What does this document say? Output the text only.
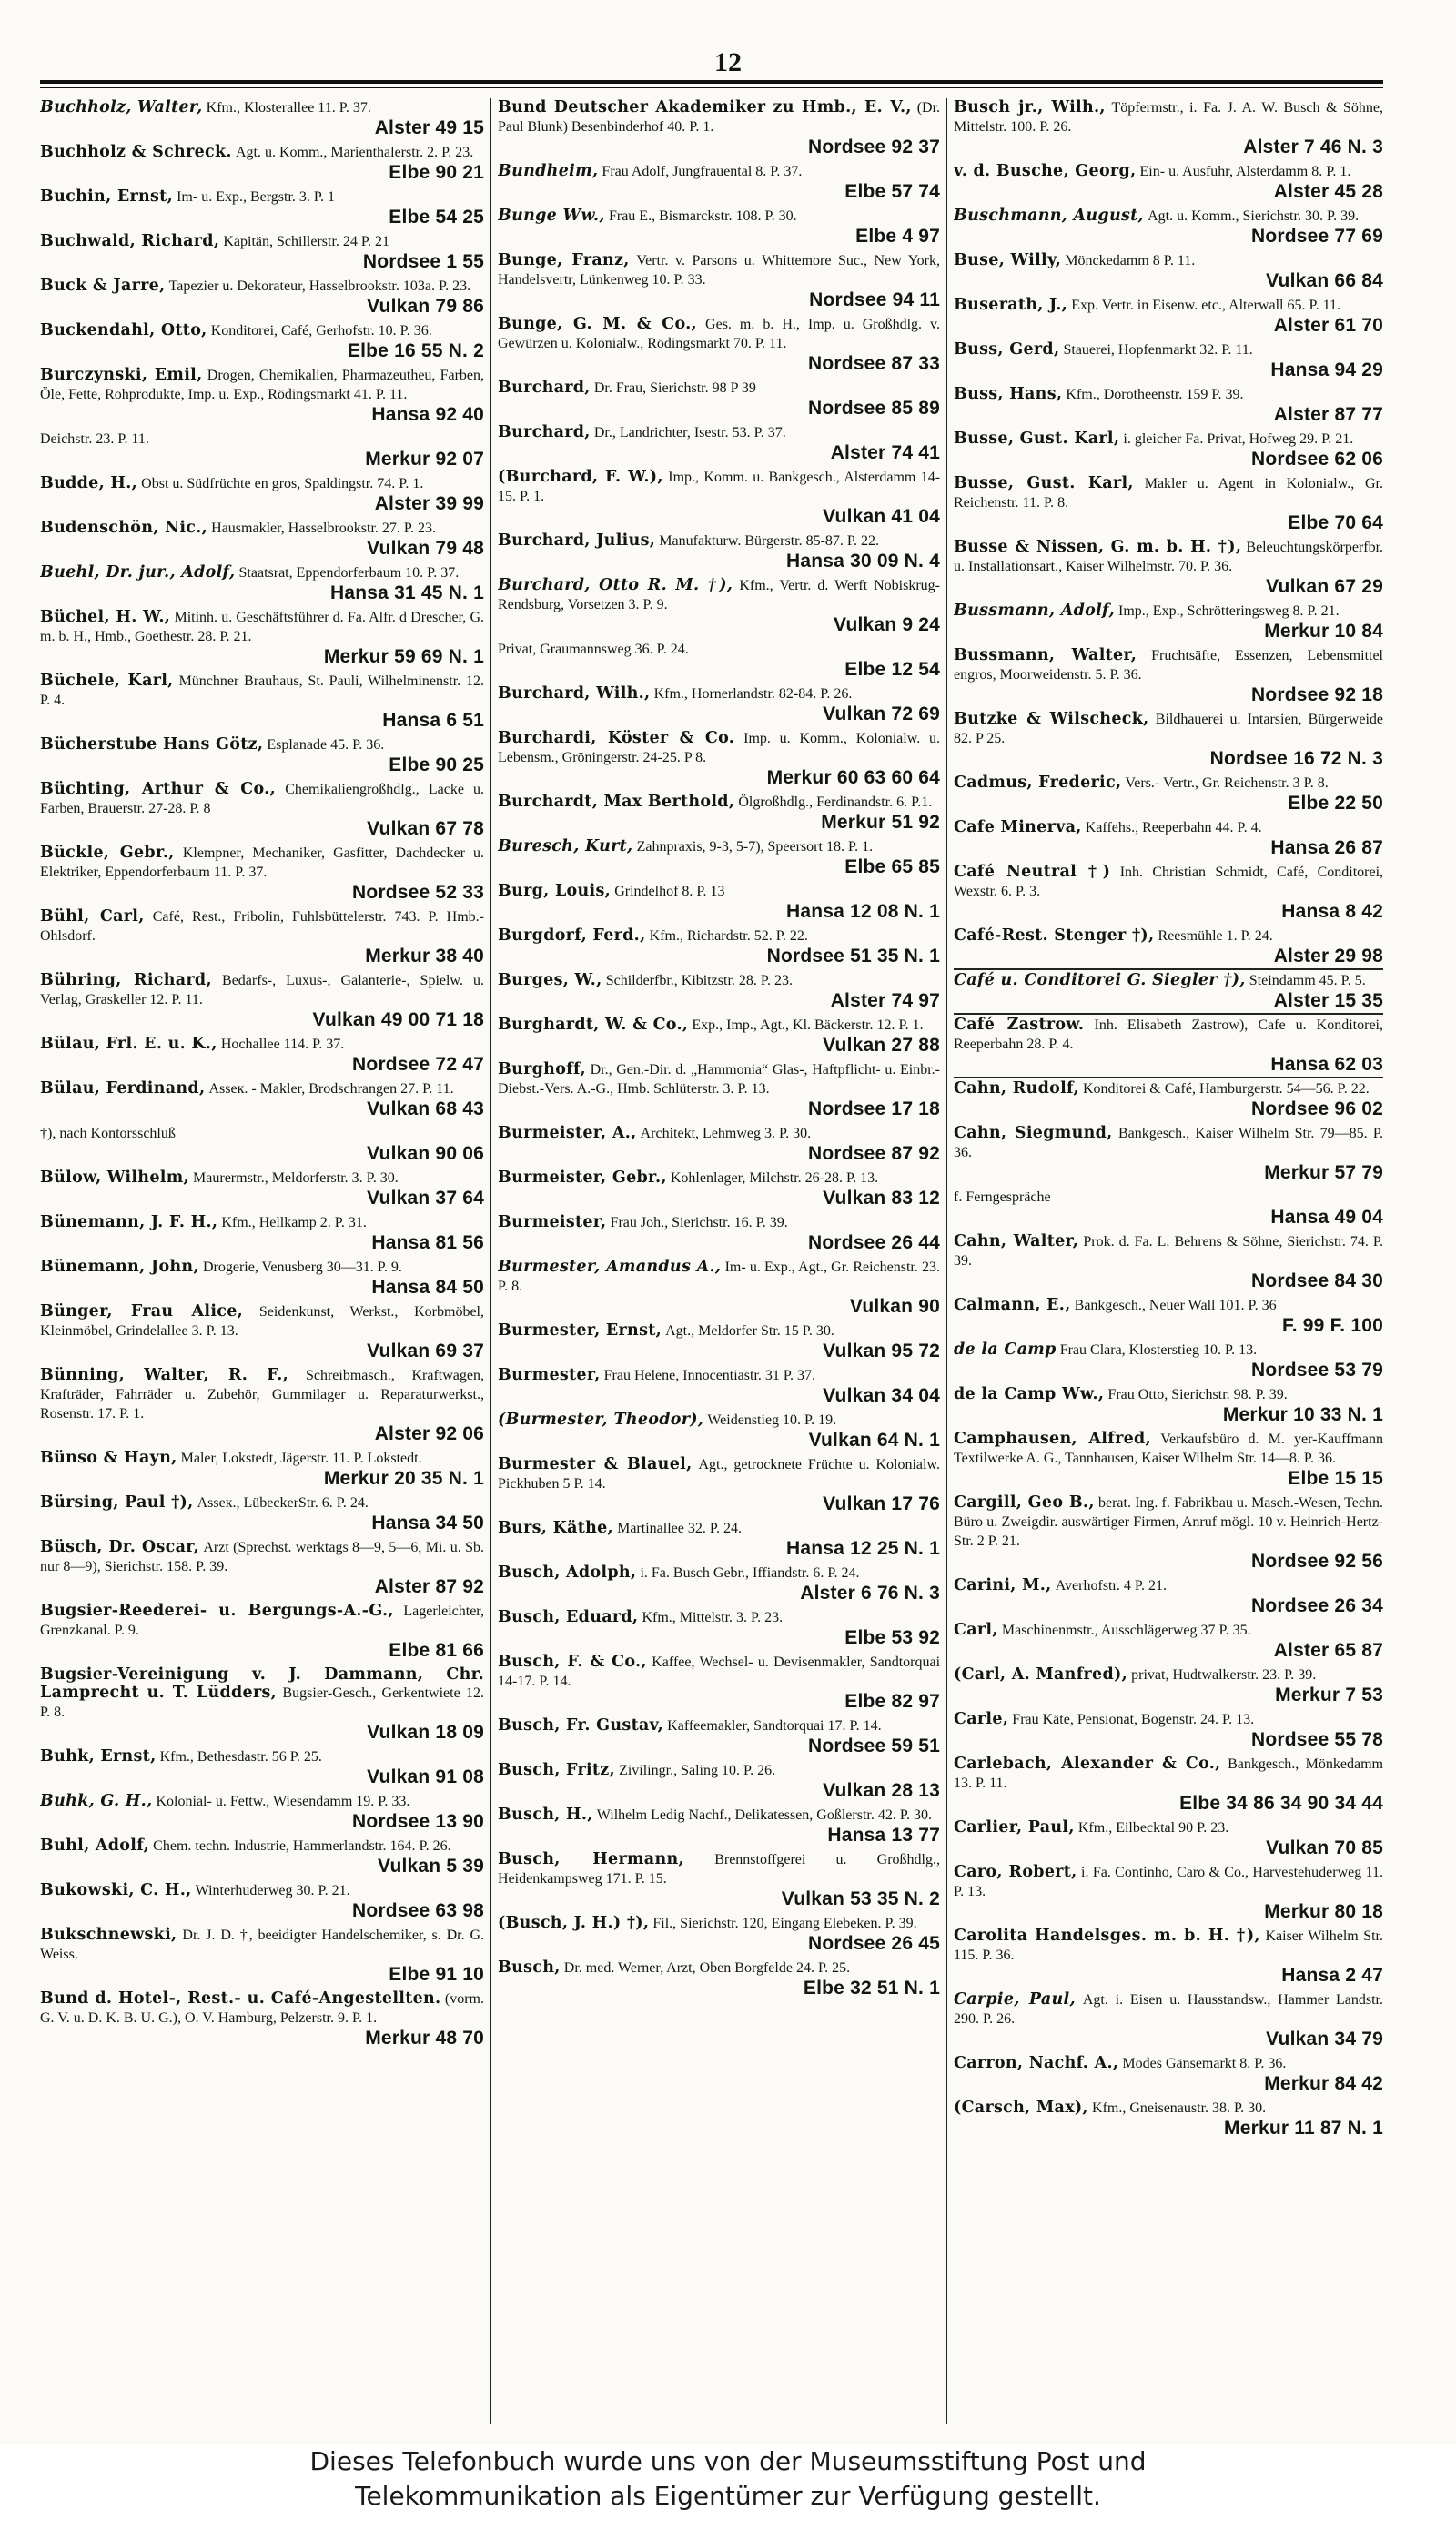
12

Buchholz, Walter, Kfm., Klosterallee 11. P. 37.
Alster 49 15

Buchholz & Schreck. Agt. u. Komm., Marienthalerstr. 2. P. 23.
Elbe 90 21

Buchin, Ernst, Im- u. Exp., Bergstr. 3. P. 1
Elbe 54 25

Buchwald, Richard, Kapitän, Schillerstr. 24 P. 21
Nordsee 1 55

Buck & Jarre, Tapezier u. Dekorateur, Hasselbrookstr. 103a. P. 23.
Vulkan 79 86

Buckendahl, Otto, Konditorei, Café, Gerhofstr. 10. P. 36.
Elbe 16 55 N. 2

Burczynski, Emil, Drogen, Chemikalien, Pharmazeutheu, Farben, Öle, Fette, Rohprodukte, Imp. u. Exp., Rödingsmarkt 41. P. 11.
Hansa 92 40

Deichstr. 23. P. 11.
Merkur 92 07

Budde, H., Obst u. Südfrüchte en gros, Spaldingstr. 74. P. 1.
Alster 39 99

Budenschön, Nic., Hausmakler, Hasselbrookstr. 27. P. 23.
Vulkan 79 48

Buehl, Dr. jur., Adolf, Staatsrat, Eppendorferbaum 10. P. 37.
Hansa 31 45 N. 1

Büchel, H. W., Mitinh. u. Geschäftsführer d. Fa. Alfr. d Drescher, G. m. b. H., Hmb., Goethestr. 28. P. 21.
Merkur 59 69 N. 1

Büchele, Karl, Münchner Brauhaus, St. Pauli, Wilhelminenstr. 12. P. 4.
Hansa 6 51

Bücherstube Hans Götz, Esplanade 45. P. 36.
Elbe 90 25

Büchting, Arthur & Co., Chemikaliengroßhdlg., Lacke u. Farben, Brauerstr. 27-28. P. 8
Vulkan 67 78

Bückle, Gebr., Klempner, Mechaniker, Gasfitter, Dachdecker u. Elektriker, Eppendorferbaum 11. P. 37.
Nordsee 52 33

Bühl, Carl, Café, Rest., Fribolin, Fuhlsbüttelerstr. 743. P. Hmb.-Ohlsdorf.
Merkur 38 40

Bühring, Richard, Bedarfs-, Luxus-, Galanterie-, Spielw. u. Verlag, Graskeller 12. P. 11.
Vulkan 49 00 71 18

Bülau, Frl. E. u. K., Hochallee 114. P. 37.
Nordsee 72 47

Bülau, Ferdinand, Asseк. - Makler, Brodschrangen 27. P. 11.
Vulkan 68 43

†), nach Kontorsschluß
Vulkan 90 06

Bülow, Wilhelm, Maurermstr., Meldorferstr. 3. P. 30.
Vulkan 37 64

Bünemann, J. F. H., Kfm., Hellkamp 2. P. 31.
Hansa 81 56

Bünemann, John, Drogerie, Venusberg 30—31. P. 9.
Hansa 84 50

Bünger, Frau Alice, Seidenkunst, Werkst., Korbmöbel, Kleinmöbel, Grindelallee 3. P. 13.
Vulkan 69 37

Bünning, Walter, R. F., Schreibmasch., Kraftwagen, Krafträder, Fahrräder u. Zubehör, Gummilager u. Reparaturwerkst., Rosenstr. 17. P. 1.
Alster 92 06

Bünso & Hayn, Maler, Lokstedt, Jägerstr. 11. P. Lokstedt.
Merkur 20 35 N. 1

Bürsing, Paul †), Asseк., LübeckerStr. 6. P. 24.
Hansa 34 50

Büsch, Dr. Oscar, Arzt (Sprechst. werktags 8—9, 5—6, Mi. u. Sb. nur 8—9), Sierichstr. 158. P. 39.
Alster 87 92

Bugsier-Reederei- u. Bergungs-A.-G., Lagerleichter, Grenzkanal. P. 9.
Elbe 81 66

Bugsier-Vereinigung v. J. Dammann, Chr. Lamprecht u. T. Lüdders, Bugsier-Gesch., Gerkentwiete 12. P. 8.
Vulkan 18 09

Buhk, Ernst, Kfm., Bethesdastr. 56 P. 25.
Vulkan 91 08

Buhk, G. H., Kolonial- u. Fettw., Wiesendamm 19. P. 33.
Nordsee 13 90

Buhl, Adolf, Chem. techn. Industrie, Hammerlandstr. 164. P. 26.
Vulkan 5 39

Bukowski, C. H., Winterhuderweg 30. P. 21.
Nordsee 63 98

Bukschnewski, Dr. J. D. †, beeidigter Handelschemiker, s. Dr. G. Weiss.
Elbe 91 10

Bund d. Hotel-, Rest.- u. Café-Angestellten. (vorm. G. V. u. D. K. B. U. G.), O. V. Hamburg, Pelzerstr. 9. P. 1.
Merkur 48 70

Bund Deutscher Akademiker zu Hmb., E. V., (Dr. Paul Blunk) Besenbinderhof 40. P. 1.
Nordsee 92 37

Bundheim, Frau Adolf, Jungfrauental 8. P. 37.
Elbe 57 74

Bunge Ww., Frau E., Bismarckstr. 108. P. 30.
Elbe 4 97

Bunge, Franz, Vertr. v. Parsons u. Whittemore Suc., New York, Handelsvertr, Lünkenweg 10. P. 33.
Nordsee 94 11

Bunge, G. M. & Co., Ges. m. b. H., Imp. u. Großhdlg. v. Gewürzen u. Kolonialw., Rödingsmarkt 70. P. 11.
Nordsee 87 33

Burchard, Dr. Frau, Sierichstr. 98 P 39
Nordsee 85 89

Burchard, Dr., Landrichter, Isestr. 53. P. 37.
Alster 74 41

(Burchard, F. W.), Imp., Komm. u. Bankgesch., Alsterdamm 14-15. P. 1.
Vulkan 41 04

Burchard, Julius, Manufakturw. Bürgerstr. 85-87. P. 22.
Hansa 30 09 N. 4

Burchard, Otto R. M. †), Kfm., Vertr. d. Werft Nobiskrug-Rendsburg, Vorsetzen 3. P. 9.
Vulkan 9 24

Privat, Graumannsweg 36. P. 24.
Elbe 12 54

Burchard, Wilh., Kfm., Hornerlandstr. 82-84. P. 26.
Vulkan 72 69

Burchardi, Köster & Co. Imp. u. Komm., Kolonialw. u. Lebensm., Gröningerstr. 24-25. P 8.
Merkur 60 63 60 64

Burchardt, Max Berthold, Ölgroßhdlg., Ferdinandstr. 6. P.1.
Merkur 51 92

Buresch, Kurt, Zahnpraxis, 9-3, 5-7), Speersort 18. P. 1.
Elbe 65 85

Burg, Louis, Grindelhof 8. P. 13
Hansa 12 08 N. 1

Burgdorf, Ferd., Kfm., Richardstr. 52. P. 22.
Nordsee 51 35 N. 1

Burges, W., Schilderfbr., Kibitzstr. 28. P. 23.
Alster 74 97

Burghardt, W. & Co., Exp., Imp., Agt., Kl. Bäckerstr. 12. P. 1.
Vulkan 27 88

Burghoff, Dr., Gen.-Dir. d. „Hammonia“ Glas-, Haftpflicht- u. Einbr.-Diebst.-Vers. A.-G., Hmb. Schlüterstr. 3. P. 13.
Nordsee 17 18

Burmeister, A., Architekt, Lehmweg 3. P. 30.
Nordsee 87 92

Burmeister, Gebr., Kohlenlager, Milchstr. 26-28. P. 13.
Vulkan 83 12

Burmeister, Frau Joh., Sierichstr. 16. P. 39.
Nordsee 26 44

Burmester, Amandus A., Im- u. Exp., Agt., Gr. Reichenstr. 23. P. 8.
Vulkan 90

Burmester, Ernst, Agt., Meldorfer Str. 15 P. 30.
Vulkan 95 72

Burmester, Frau Helene, Innocentiastr. 31 P. 37.
Vulkan 34 04

(Burmester, Theodor), Weidenstieg 10. P. 19.
Vulkan 64 N. 1

Burmester & Blauel, Agt., getrocknete Früchte u. Kolonialw. Pickhuben 5 P. 14.
Vulkan 17 76

Burs, Käthe, Martinallee 32. P. 24.
Hansa 12 25 N. 1

Busch, Adolph, i. Fa. Busch Gebr., Iffiandstr. 6. P. 24.
Alster 6 76 N. 3

Busch, Eduard, Kfm., Mittelstr. 3. P. 23.
Elbe 53 92

Busch, F. & Co., Kaffee, Wechsel- u. Devisenmakler, Sandtorquai 14-17. P. 14.
Elbe 82 97

Busch, Fr. Gustav, Kaffeemakler, Sandtorquai 17. P. 14.
Nordsee 59 51

Busch, Fritz, Zivilingr., Saling 10. P. 26.
Vulkan 28 13

Busch, H., Wilhelm Ledig Nachf., Delikatessen, Goßlerstr. 42. P. 30.
Hansa 13 77

Busch, Hermann, Brennstoffgerei u. Großhdlg., Heidenkampsweg 171. P. 15.
Vulkan 53 35 N. 2

(Busch, J. H.) †), Fil., Sierichstr. 120, Eingang Elebeken. P. 39.
Nordsee 26 45

Busch, Dr. med. Werner, Arzt, Oben Borgfelde 24. P. 25.
Elbe 32 51 N. 1

Busch jr., Wilh., Töpfermstr., i. Fa. J. A. W. Busch & Söhne, Mittelstr. 100. P. 26.
Alster 7 46 N. 3

v. d. Busche, Georg, Ein- u. Ausfuhr, Alsterdamm 8. P. 1.
Alster 45 28

Buschmann, August, Agt. u. Komm., Sierichstr. 30. P. 39.
Nordsee 77 69

Buse, Willy, Mönckedamm 8 P. 11.
Vulkan 66 84

Buserath, J., Exp. Vertr. in Eisenw. etc., Alterwall 65. P. 11.
Alster 61 70

Buss, Gerd, Stauerei, Hopfenmarkt 32. P. 11.
Hansa 94 29

Buss, Hans, Kfm., Dorotheenstr. 159 P. 39.
Alster 87 77

Busse, Gust. Karl, i. gleicher Fa. Privat, Hofweg 29. P. 21.
Nordsee 62 06

Busse, Gust. Karl, Makler u. Agent in Kolonialw., Gr. Reichenstr. 11. P. 8.
Elbe 70 64

Busse & Nissen, G. m. b. H. †), Beleuchtungskörperfbr. u. Installationsart., Kaiser Wilhelmstr. 70. P. 36.
Vulkan 67 29

Bussmann, Adolf, Imp., Exp., Schrötteringsweg 8. P. 21.
Merkur 10 84

Bussmann, Walter, Fruchtsäfte, Essenzen, Lebensmittel engros, Moorweidenstr. 5. P. 36.
Nordsee 92 18

Butzke & Wilscheck, Bildhauerei u. Intarsien, Bürgerweide 82. P 25.
Nordsee 16 72 N. 3

Cadmus, Frederic, Vers.- Vertr., Gr. Reichenstr. 3 P. 8.
Elbe 22 50

Cafe Minerva, Kaffehs., Reeperbahn 44. P. 4.
Hansa 26 87

Café Neutral †) Inh. Christian Schmidt, Café, Conditorei, Wexstr. 6. P. 3.
Hansa 8 42

Café-Rest. Stenger †), Reesmühle 1. P. 24.
Alster 29 98

Café u. Conditorei G. Siegler †), Steindamm 45. P. 5.
Alster 15 35

Café Zastrow. Inh. Elisabeth Zastrow), Cafe u. Konditorei, Reeperbahn 28. P. 4.
Hansa 62 03

Cahn, Rudolf, Konditorei & Café, Hamburgerstr. 54—56. P. 22.
Nordsee 96 02

Cahn, Siegmund, Bankgesch., Kaiser Wilhelm Str. 79—85. P. 36.
Merkur 57 79

f. Ferngespräche
Hansa 49 04

Cahn, Walter, Prok. d. Fa. L. Behrens & Söhne, Sierichstr. 74. P. 39.
Nordsee 84 30

Calmann, E., Bankgesch., Neuer Wall 101. P. 36
F. 99 F. 100

de la Camp Frau Clara, Klosterstieg 10. P. 13.
Nordsee 53 79

de la Camp Ww., Frau Otto, Sierichstr. 98. P. 39.
Merkur 10 33 N. 1

Camphausen, Alfred, Verkaufsbüro d. M. yer-Kauffmann Textilwerke A. G., Tannhausen, Kaiser Wilhelm Str. 14—8. P. 36.
Elbe 15 15

Cargill, Geo B., berat. Ing. f. Fabrikbau u. Masch.-Wesen, Techn. Büro u. Zweigdir. auswärtiger Firmen, Anruf mögl. 10 v. Heinrich-Hertz-Str. 2 P. 21.
Nordsee 92 56

Carini, M., Averhofstr. 4 P. 21.
Nordsee 26 34

Carl, Maschinenmstr., Ausschlägerweg 37 P. 35.
Alster 65 87

(Carl, A. Manfred), privat, Hudtwalkerstr. 23. P. 39.
Merkur 7 53

Carle, Frau Käte, Pensionat, Bogenstr. 24. P. 13.
Nordsee 55 78

Carlebach, Alexander & Co., Bankgesch., Mönkedamm 13. P. 11.
Elbe 34 86 34 90 34 44

Carlier, Paul, Kfm., Eilbecktal 90 P. 23.
Vulkan 70 85

Caro, Robert, i. Fa. Continho, Caro & Co., Harvestehuderweg 11. P. 13.
Merkur 80 18

Carolita Handelsges. m. b. H. †), Kaiser Wilhelm Str. 115. P. 36.
Hansa 2 47

Carpie, Paul, Agt. i. Eisen u. Hausstandsw., Hammer Landstr. 290. P. 26.
Vulkan 34 79

Carron, Nachf. A., Modes Gänsemarkt 8. P. 36.
Merkur 84 42

(Carsch, Max), Kfm., Gneisenaustr. 38. P. 30.
Merkur 11 87 N. 1

Dieses Telefonbuch wurde uns von der Museumsstiftung Post und
Telekommunikation als Eigentümer zur Verfügung gestellt.
